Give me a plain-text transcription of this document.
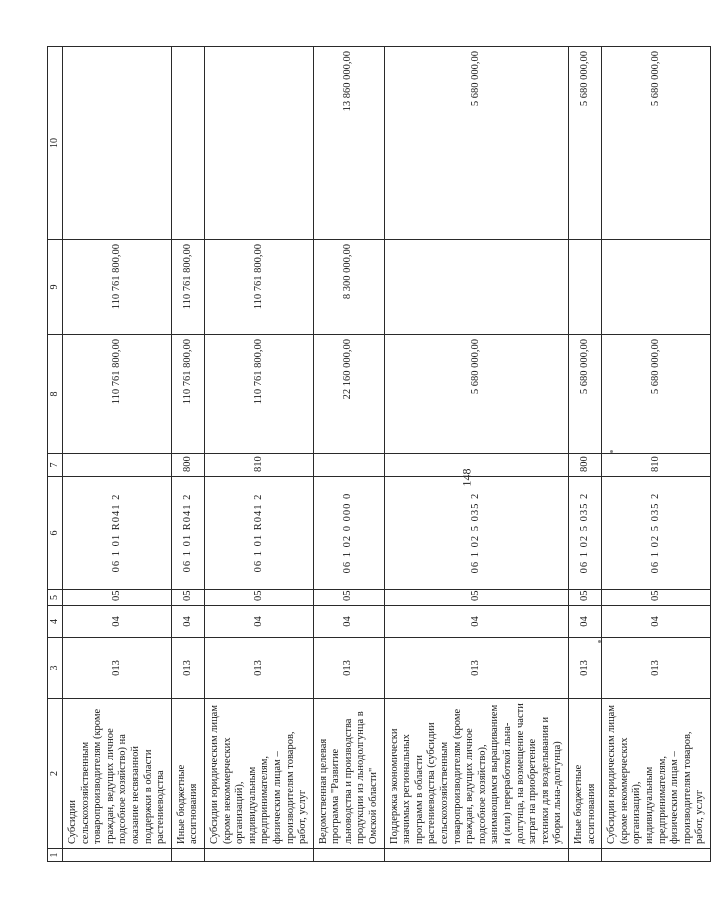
148
1	2	3	4	5	6	7	8	9	10
	Субсидии сельскохозяйственным товаропроизводителям (кроме граждан, ведущих личное подсобное хозяйство) на оказание несвязанной поддержки в области растениеводства	013	04	05	06 1 01 R041 2		110 761 800,00	110 761 800,00	
	Иные бюджетные ассигнования	013	04	05	06 1 01 R041 2	800	110 761 800,00	110 761 800,00	
	Субсидии юридическим лицам (кроме некоммерческих организаций), индивидуальным предпринимателям, физическим лицам – производителям товаров, работ, услуг	013	04	05	06 1 01 R041 2	810	110 761 800,00	110 761 800,00	
	Ведомственная целевая программа "Развитие льноводства и производства продукции из льнодолгунца в Омской области"	013	04	05	06 1 02 0 000 0		22 160 000,00	8 300 000,00	13 860 000,00
	Поддержка экономически значимых региональных программ в области растениеводства (субсидии сельскохозяйственным товаропроизводителям (кроме граждан, ведущих личное подсобное хозяйство), занимающимся выращиванием и (или) переработкой льна-долгунца, на возмещение части затрат на приобретение техники для возделывания и уборки льна-долгунца)	013	04	05	06 1 02 5 035 2		5 680 000,00		5 680 000,00
	Иные бюджетные ассигнования	013	04	05	06 1 02 5 035 2	800	5 680 000,00		5 680 000,00
	Субсидии юридическим лицам (кроме некоммерческих организаций), индивидуальным предпринимателям, физическим лицам – производителям товаров, работ, услуг	013	04	05	06 1 02 5 035 2	810	5 680 000,00		5 680 000,00
